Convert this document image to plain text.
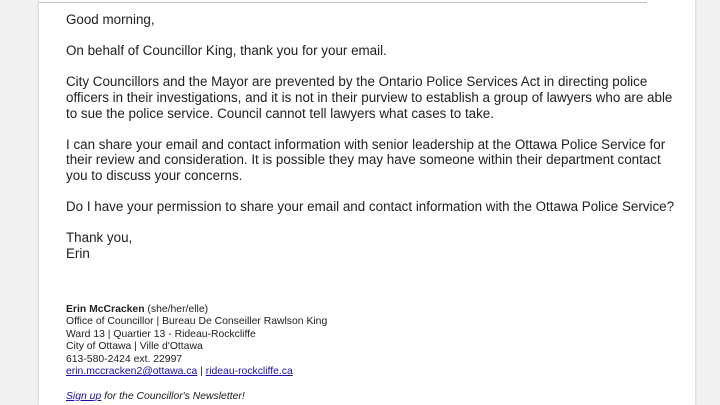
Good morning,

On behalf of Councillor King, thank you for your email.

City Councillors and the Mayor are prevented by the Ontario Police Services Act in directing police officers in their investigations, and it is not in their purview to establish a group of lawyers who are able to sue the police service. Council cannot tell lawyers what cases to take.

I can share your email and contact information with senior leadership at the Ottawa Police Service for their review and consideration. It is possible they may have someone within their department contact you to discuss your concerns.

Do I have your permission to share your email and contact information with the Ottawa Police Service?

Thank you,

Erin

Erin McCracken (she/her/elle)
Office of Councillor | Bureau De Conseiller Rawlson King
Ward 13 | Quartier 13 - Rideau-Rockcliffe
City of Ottawa | Ville d'Ottawa
613-580-2424 ext. 22997
erin.mccracken2@ottawa.ca | rideau-rockcliffe.ca
Sign up for the Councillor's Newsletter!
